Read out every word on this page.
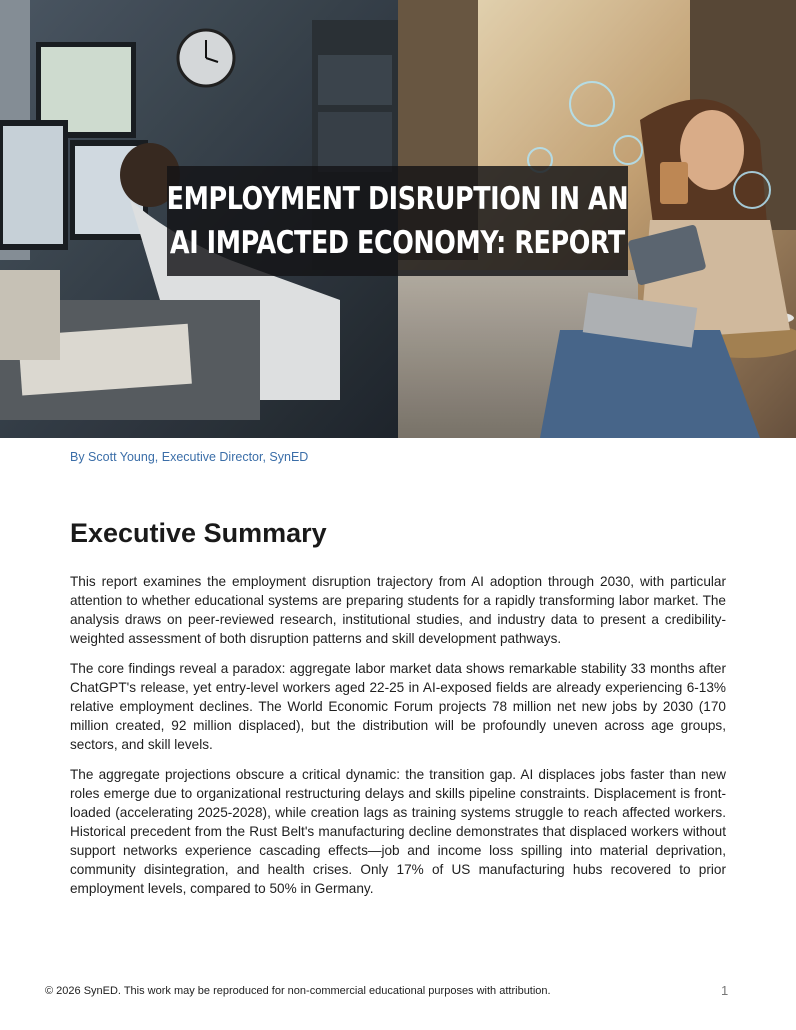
EMPLOYMENT DISRUPTION IN AN
AI IMPACTED ECONOMY: REPORT
By Scott Young, Executive Director, SynED
Executive Summary

This report examines the employment disruption trajectory from AI adoption through 2030, with particular attention to whether educational systems are preparing students for a rapidly transforming labor market. The analysis draws on peer-reviewed research, institutional studies, and industry data to present a credibility-weighted assessment of both disruption patterns and skill development pathways.

The core findings reveal a paradox: aggregate labor market data shows remarkable stability 33 months after ChatGPT's release, yet entry-level workers aged 22-25 in AI-exposed fields are already experiencing 6-13% relative employment declines. The World Economic Forum projects 78 million net new jobs by 2030 (170 million created, 92 million displaced), but the distribution will be profoundly uneven across age groups, sectors, and skill levels.

The aggregate projections obscure a critical dynamic: the transition gap. AI displaces jobs faster than new roles emerge due to organizational restructuring delays and skills pipeline constraints. Displacement is front-loaded (accelerating 2025-2028), while creation lags as training systems struggle to reach affected workers. Historical precedent from the Rust Belt's manufacturing decline demonstrates that displaced workers without support networks experience cascading effects—job and income loss spilling into material deprivation, community disintegration, and health crises. Only 17% of US manufacturing hubs recovered to prior employment levels, compared to 50% in Germany.

© 2026 SynED. This work may be reproduced for non-commercial educational purposes with attribution.	1
